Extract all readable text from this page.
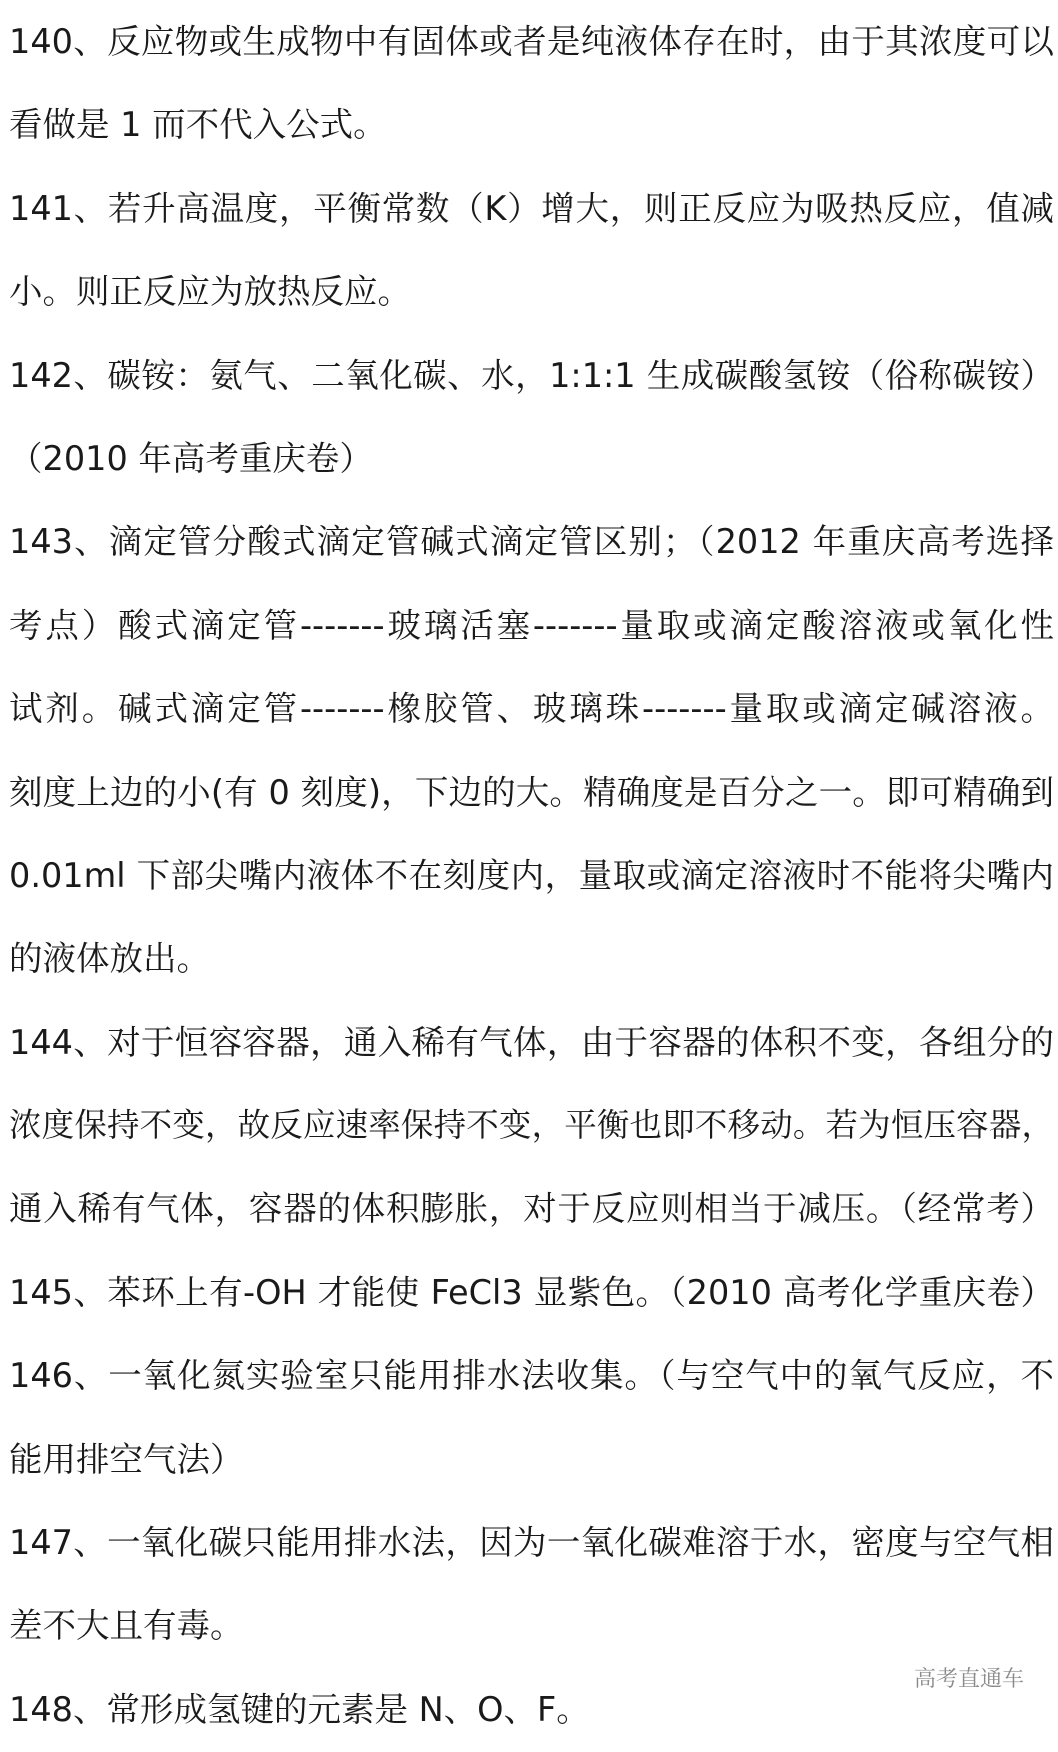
140、反应物或生成物中有固体或者是纯液体存在时，由于其浓度可以
看做是 1 而不代入公式。
141、若升高温度，平衡常数（K）增大，则正反应为吸热反应，值减
小。则正反应为放热反应。
142、碳铵：氨气、二氧化碳、水，1:1:1 生成碳酸氢铵（俗称碳铵）
（2010 年高考重庆卷）
143、滴定管分酸式滴定管碱式滴定管区别；（2012 年重庆高考选择
考点）酸式滴定管-------玻璃活塞-------量取或滴定酸溶液或氧化性
试剂。碱式滴定管-------橡胶管、玻璃珠-------量取或滴定碱溶液。
刻度上边的小(有 0 刻度)，下边的大。精确度是百分之一。即可精确到
0.01ml 下部尖嘴内液体不在刻度内，量取或滴定溶液时不能将尖嘴内
的液体放出。
144、对于恒容容器，通入稀有气体，由于容器的体积不变，各组分的
浓度保持不变，故反应速率保持不变，平衡也即不移动。若为恒压容器，
通入稀有气体，容器的体积膨胀，对于反应则相当于减压。（经常考）
145、苯环上有-OH 才能使 FeCl3 显紫色。（2010 高考化学重庆卷）
146、一氧化氮实验室只能用排水法收集。（与空气中的氧气反应，不
能用排空气法）
147、一氧化碳只能用排水法，因为一氧化碳难溶于水，密度与空气相
差不大且有毒。
148、常形成氢键的元素是 N、O、F。
高考直通车
